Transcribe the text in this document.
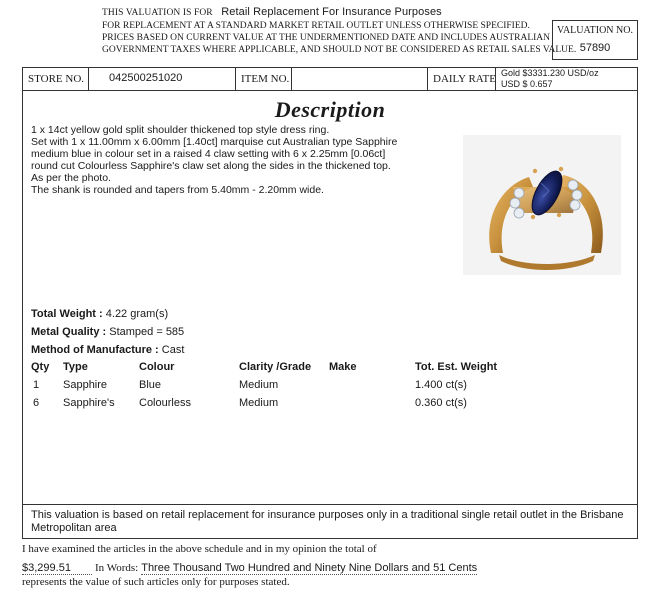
THIS VALUATION IS FOR Retail Replacement For Insurance Purposes
FOR REPLACEMENT AT A STANDARD MARKET RETAIL OUTLET UNLESS OTHERWISE SPECIFIED.
PRICES BASED ON CURRENT VALUE AT THE UNDERMENTIONED DATE AND INCLUDES AUSTRALIAN
GOVERNMENT TAXES WHERE APPLICABLE, AND SHOULD NOT BE CONSIDERED AS RETAIL SALES VALUE.
VALUATION NO.
57890
STORE NO. 042500251020	ITEM NO.	DAILY RATE Gold $3331.230 USD/oz
USD $ 0.657
Description
1 x 14ct yellow gold split shoulder thickened top style dress ring.
Set with 1 x 11.00mm x 6.00mm [1.40ct] marquise cut Australian type Sapphire
medium blue in colour set in a raised 4 claw setting with 6 x 2.25mm [0.06ct]
round cut Colourless Sapphire's claw set along the sides in the thickened top.
As per the photo.
The shank is rounded and tapers from 5.40mm - 2.20mm wide.
Total Weight : 4.22 gram(s)
Metal Quality : Stamped = 585
Method of Manufacture : Cast
Qty Type	Colour	Clarity /Grade Make	Tot. Est. Weight
1 Sapphire	Blue	Medium	1.400 ct(s)
6 Sapphire's Colourless	Medium	0.360 ct(s)
This valuation is based on retail replacement for insurance purposes only in a traditional single retail outlet in the Brisbane Metropolitan area
I have examined the articles in the above schedule and in my opinion the total of
$3,299.51 In Words: Three Thousand Two Hundred and Ninety Nine Dollars and 51 Cents
represents the value of such articles only for purposes stated.
